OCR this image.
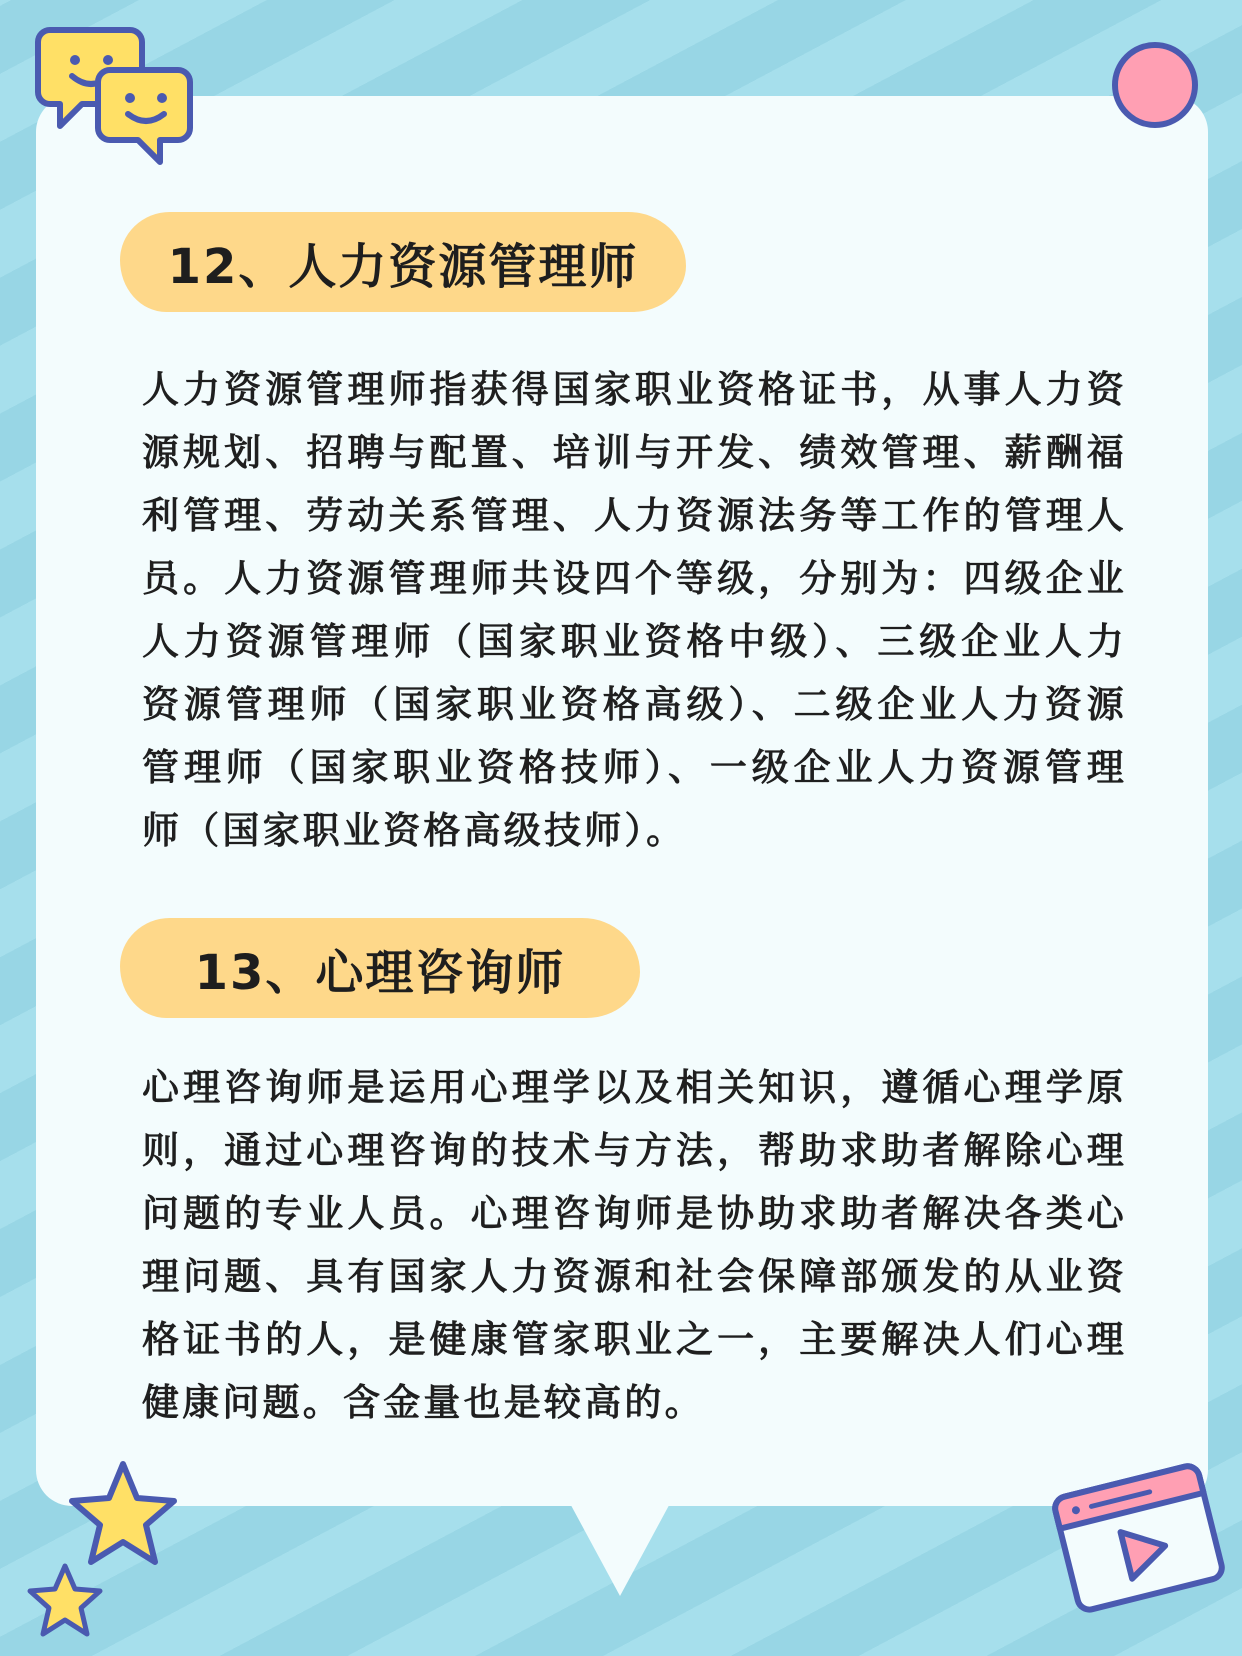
12、人力资源管理师

人力资源管理师指获得国家职业资格证书，从事人力资源规划、招聘与配置、培训与开发、绩效管理、薪酬福利管理、劳动关系管理、人力资源法务等工作的管理人员。人力资源管理师共设四个等级，分别为：四级企业人力资源管理师（国家职业资格中级）、三级企业人力资源管理师（国家职业资格高级）、二级企业人力资源管理师（国家职业资格技师）、一级企业人力资源管理师（国家职业资格高级技师）。

13、心理咨询师

心理咨询师是运用心理学以及相关知识，遵循心理学原则，通过心理咨询的技术与方法，帮助求助者解除心理问题的专业人员。心理咨询师是协助求助者解决各类心理问题、具有国家人力资源和社会保障部颁发的从业资格证书的人，是健康管家职业之一，主要解决人们心理健康问题。含金量也是较高的。
